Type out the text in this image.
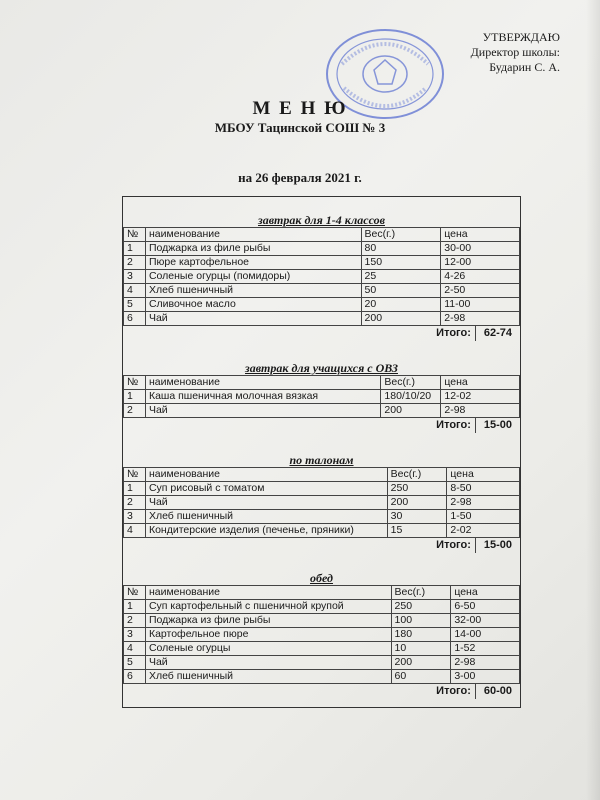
УТВЕРЖДАЮ
Директор школы:
Бударин С. А.
М Е Н Ю
МБОУ Тацинской СОШ № 3
на 26 февраля 2021 г.
завтрак для 1-4 классов
№	наименование	Вес(г.)	цена
1	Поджарка из филе рыбы	80	30-00
2	Пюре картофельное	150	12-00
3	Соленые огурцы (помидоры)	25	4-26
4	Хлеб пшеничный	50	2-50
5	Сливочное масло	20	11-00
6	Чай	200	2-98
Итого: 62-74
завтрак для учащихся с ОВЗ
№	наименование	Вес(г.)	цена
1	Каша пшеничная молочная вязкая	180/10/20	12-02
2	Чай	200	2-98
Итого: 15-00
по талонам
№	наименование	Вес(г.)	цена
1	Суп рисовый с томатом	250	8-50
2	Чай	200	2-98
3	Хлеб пшеничный	30	1-50
4	Кондитерские изделия (печенье, пряники)	15	2-02
Итого: 15-00
обед
№	наименование	Вес(г.)	цена
1	Суп картофельный с пшеничной крупой	250	6-50
2	Поджарка из филе рыбы	100	32-00
3	Картофельное пюре	180	14-00
4	Соленые огурцы	10	1-52
5	Чай	200	2-98
6	Хлеб пшеничный	60	3-00
Итого: 60-00
